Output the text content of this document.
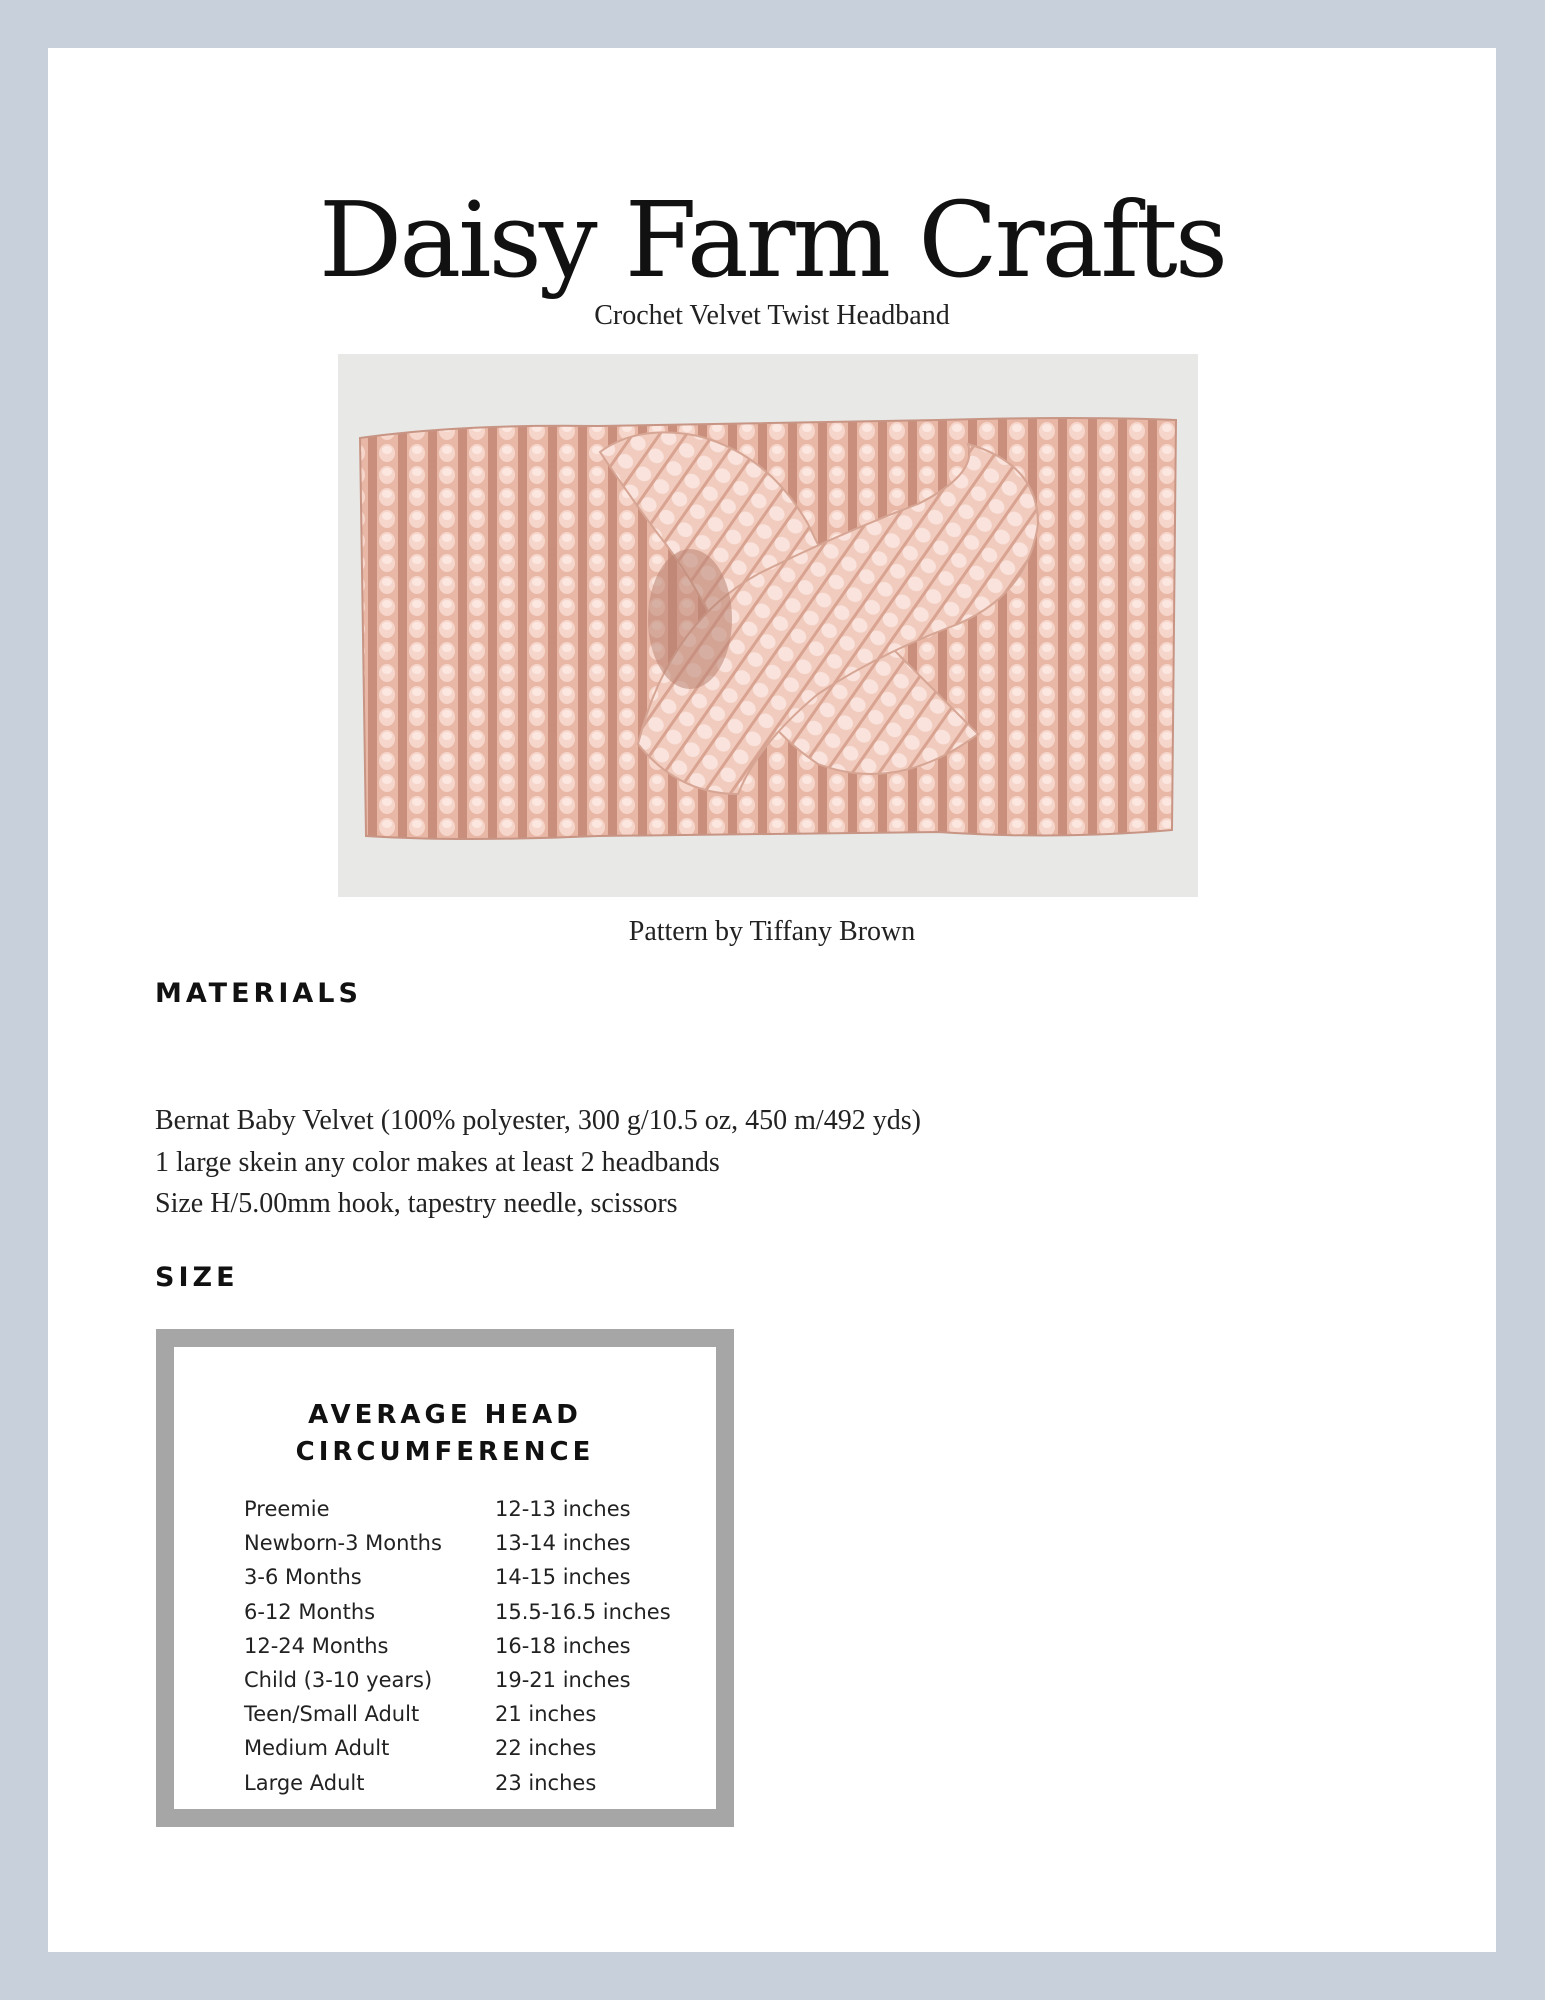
Daisy Farm Crafts
Crochet Velvet Twist Headband
Pattern by Tiffany Brown
MATERIALS
Bernat Baby Velvet (100% polyester, 300 g/10.5 oz, 450 m/492 yds)
1 large skein any color makes at least 2 headbands
Size H/5.00mm hook, tapestry needle, scissors
SIZE
AVERAGE HEAD
CIRCUMFERENCE
Preemie	12-13 inches
Newborn-3 Months	13-14 inches
3-6 Months	14-15 inches
6-12 Months	15.5-16.5 inches
12-24 Months	16-18 inches
Child (3-10 years)	19-21 inches
Teen/Small Adult	21 inches
Medium Adult	22 inches
Large Adult	23 inches
